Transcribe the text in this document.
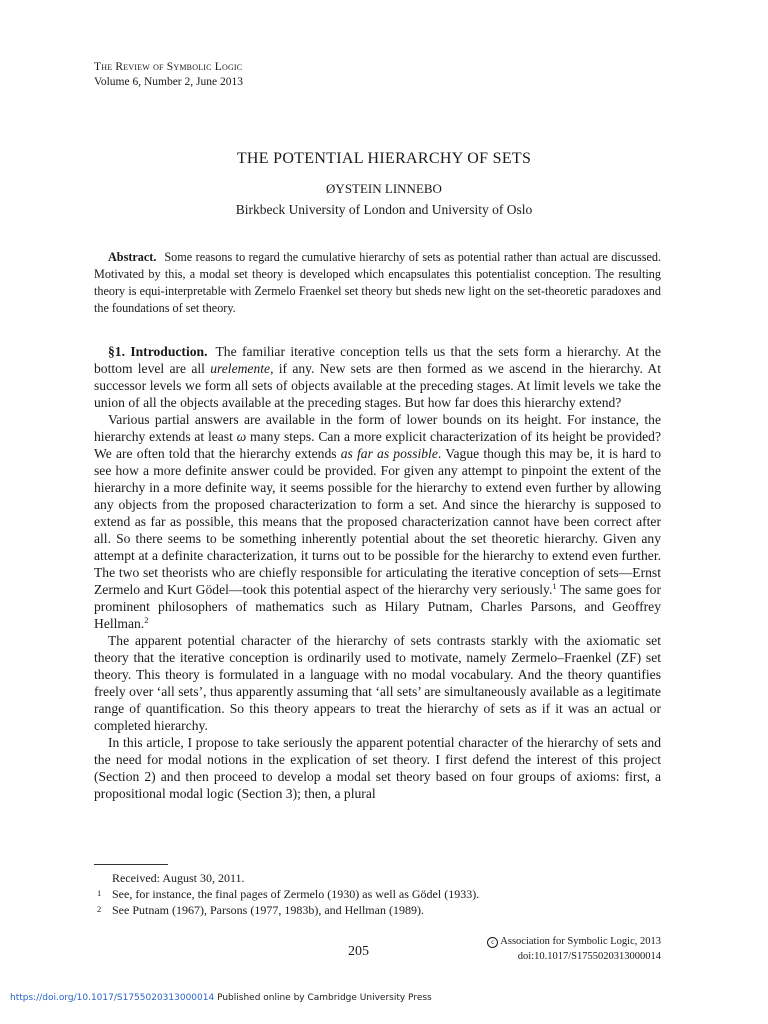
The Review of Symbolic Logic
Volume 6, Number 2, June 2013
THE POTENTIAL HIERARCHY OF SETS
ØYSTEIN LINNEBO
Birkbeck University of London and University of Oslo
Abstract. Some reasons to regard the cumulative hierarchy of sets as potential rather than actual are discussed. Motivated by this, a modal set theory is developed which encapsulates this potentialist conception. The resulting theory is equi-interpretable with Zermelo Fraenkel set theory but sheds new light on the set-theoretic paradoxes and the foundations of set theory.

§1. Introduction. The familiar iterative conception tells us that the sets form a hierarchy. At the bottom level are all urelemente, if any. New sets are then formed as we ascend in the hierarchy. At successor levels we form all sets of objects available at the preceding stages. At limit levels we take the union of all the objects available at the preceding stages. But how far does this hierarchy extend?

Various partial answers are available in the form of lower bounds on its height. For instance, the hierarchy extends at least ω many steps. Can a more explicit characterization of its height be provided? We are often told that the hierarchy extends as far as possible. Vague though this may be, it is hard to see how a more definite answer could be provided. For given any attempt to pinpoint the extent of the hierarchy in a more definite way, it seems possible for the hierarchy to extend even further by allowing any objects from the proposed characterization to form a set. And since the hierarchy is supposed to extend as far as possible, this means that the proposed characterization cannot have been correct after all. So there seems to be something inherently potential about the set theoretic hierarchy. Given any attempt at a definite characterization, it turns out to be possible for the hierarchy to extend even further. The two set theorists who are chiefly responsible for articulating the iterative conception of sets—Ernst Zermelo and Kurt Gödel—took this potential aspect of the hierarchy very seriously.$^1$ The same goes for prominent philosophers of mathematics such as Hilary Putnam, Charles Parsons, and Geoffrey Hellman.$^2$

The apparent potential character of the hierarchy of sets contrasts starkly with the axiomatic set theory that the iterative conception is ordinarily used to motivate, namely Zermelo–Fraenkel (ZF) set theory. This theory is formulated in a language with no modal vocabulary. And the theory quantifies freely over ‘all sets’, thus apparently assuming that ‘all sets’ are simultaneously available as a legitimate range of quantification. So this theory appears to treat the hierarchy of sets as if it was an actual or completed hierarchy.

In this article, I propose to take seriously the apparent potential character of the hierarchy of sets and the need for modal notions in the explication of set theory. I first defend the interest of this project (Section 2) and then proceed to develop a modal set theory based on four groups of axioms: first, a propositional modal logic (Section 3); then, a plural

Received: August 30, 2011.
1 See, for instance, the final pages of Zermelo (1930) as well as Gödel (1933).
2 See Putnam (1967), Parsons (1977, 1983b), and Hellman (1989).
205
c Association for Symbolic Logic, 2013
doi:10.1017/S1755020313000014
https://doi.org/10.1017/S1755020313000014 Published online by Cambridge University Press
